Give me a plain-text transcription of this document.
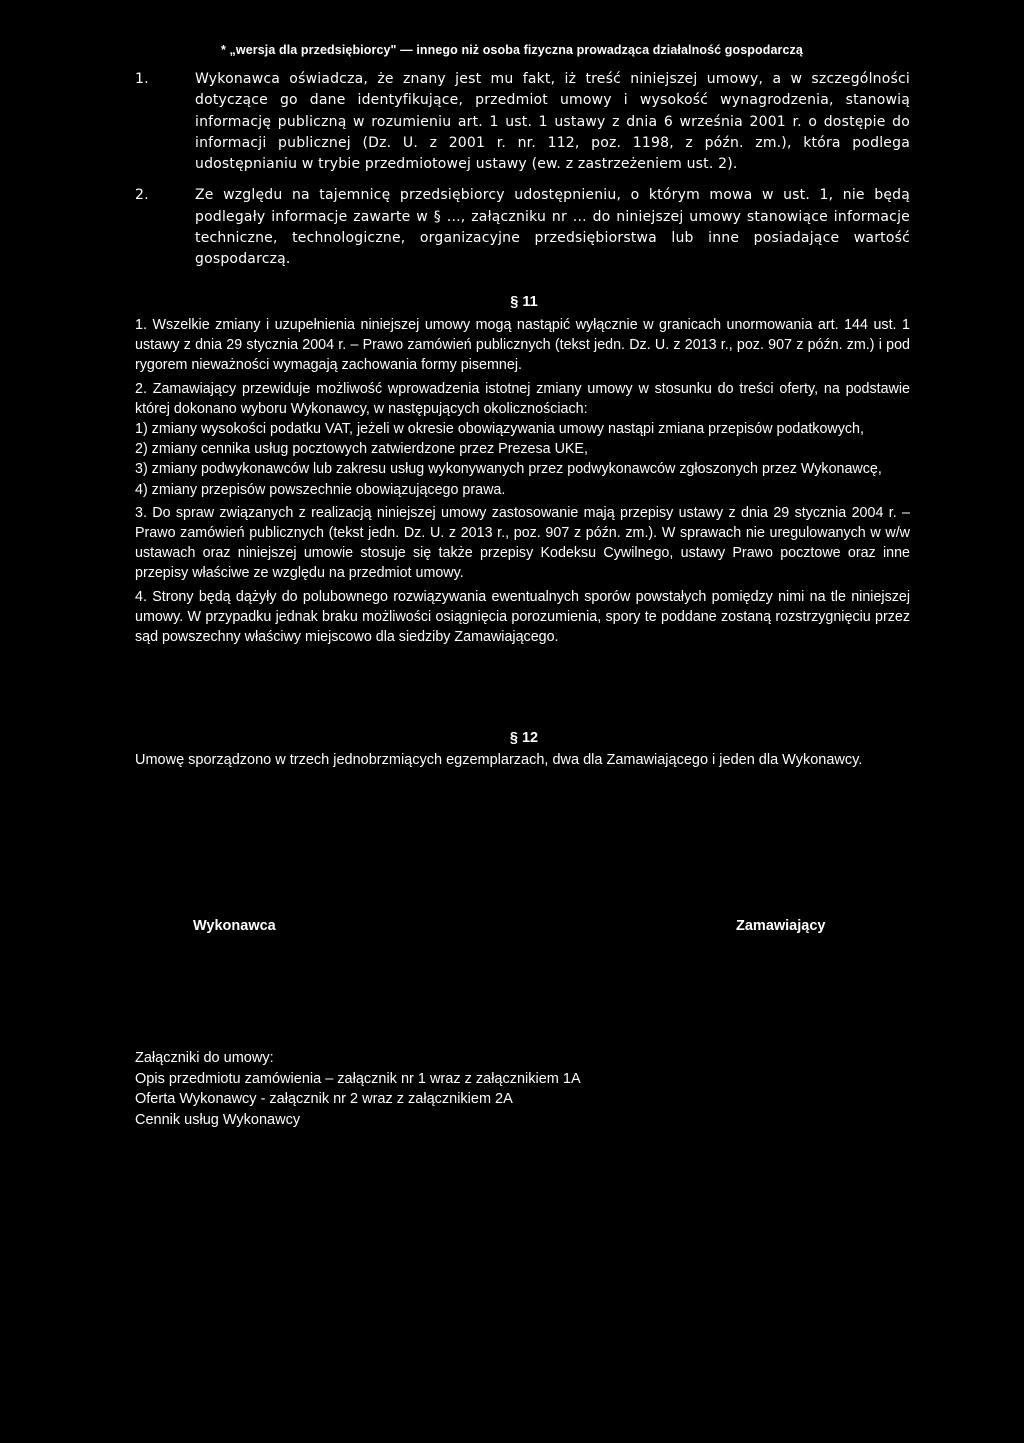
* „wersja dla przedsiębiorcy" — innego niż osoba fizyczna prowadząca działalność gospodarczą
1.	Wykonawca oświadcza, że znany jest mu fakt, iż treść niniejszej umowy, a w szczególności dotyczące go dane identyfikujące, przedmiot umowy i wysokość wynagrodzenia, stanowią informację publiczną w rozumieniu art. 1 ust. 1 ustawy z dnia 6 września 2001 r. o dostępie do informacji publicznej (Dz. U. z 2001 r. nr. 112, poz. 1198, z późn. zm.), która podlega udostępnianiu w trybie przedmiotowej ustawy (ew. z zastrzeżeniem ust. 2).
2.	Ze względu na tajemnicę przedsiębiorcy udostępnieniu, o którym mowa w ust. 1, nie będą podlegały informacje zawarte w § ..., załączniku nr ... do niniejszej umowy stanowiące informacje techniczne, technologiczne, organizacyjne przedsiębiorstwa lub inne posiadające wartość gospodarczą.
§ 11

1. Wszelkie zmiany i uzupełnienia niniejszej umowy mogą nastąpić wyłącznie w granicach unormowania art. 144 ust. 1 ustawy z dnia 29 stycznia 2004 r. – Prawo zamówień publicznych (tekst jedn. Dz. U. z 2013 r., poz. 907 z późn. zm.) i pod rygorem nieważności wymagają zachowania formy pisemnej.

2. Zamawiający przewiduje możliwość wprowadzenia istotnej zmiany umowy w stosunku do treści oferty, na podstawie której dokonano wyboru Wykonawcy, w następujących okolicznościach:

1) zmiany wysokości podatku VAT, jeżeli w okresie obowiązywania umowy nastąpi zmiana przepisów podatkowych,

2) zmiany cennika usług pocztowych zatwierdzone przez Prezesa UKE,

3) zmiany podwykonawców lub zakresu usług wykonywanych przez podwykonawców zgłoszonych przez Wykonawcę,

4) zmiany przepisów powszechnie obowiązującego prawa.

3. Do spraw związanych z realizacją niniejszej umowy zastosowanie mają przepisy ustawy z dnia 29 stycznia 2004 r. – Prawo zamówień publicznych (tekst jedn. Dz. U. z 2013 r., poz. 907 z późn. zm.). W sprawach nie uregulowanych w w/w ustawach oraz niniejszej umowie stosuje się także przepisy Kodeksu Cywilnego, ustawy Prawo pocztowe oraz inne przepisy właściwe ze względu na przedmiot umowy.

4. Strony będą dążyły do polubownego rozwiązywania ewentualnych sporów powstałych pomiędzy nimi na tle niniejszej umowy. W przypadku jednak braku możliwości osiągnięcia porozumienia, spory te poddane zostaną rozstrzygnięciu przez sąd powszechny właściwy miejscowo dla siedziby Zamawiającego.

§ 12

Umowę sporządzono w trzech jednobrzmiących egzemplarzach, dwa dla Zamawiającego i jeden dla Wykonawcy.

Wykonawca	Zamawiający
Załączniki do umowy:
Opis przedmiotu zamówienia – załącznik nr 1 wraz z załącznikiem 1A
Oferta Wykonawcy - załącznik nr 2 wraz z załącznikiem 2A
Cennik usług Wykonawcy
